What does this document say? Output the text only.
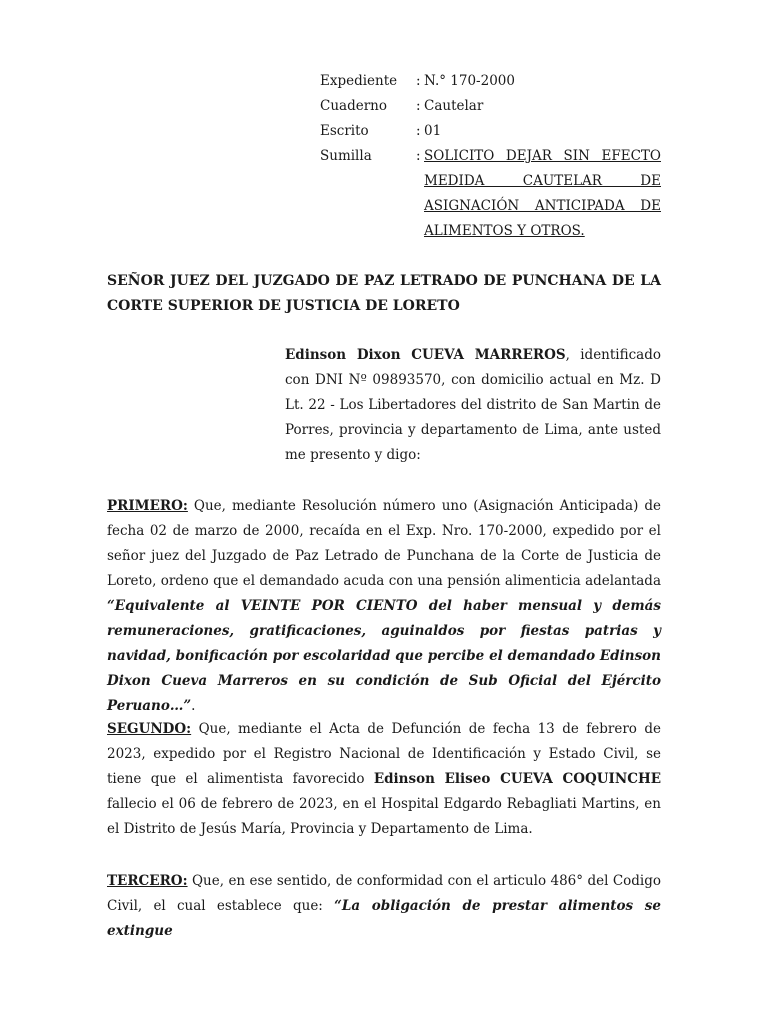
Expediente	: N.° 170-2000
Cuaderno	: Cautelar
Escrito	: 01
Sumilla	: SOLICITO DEJAR SIN EFECTO
MEDIDA CAUTELAR DE
ASIGNACIÓN ANTICIPADA DE
ALIMENTOS Y OTROS.
SEÑOR JUEZ DEL JUZGADO DE PAZ LETRADO DE PUNCHANA DE LA CORTE SUPERIOR DE JUSTICIA DE LORETO
Edinson Dixon CUEVA MARREROS, identificado con DNI Nº 09893570, con domicilio actual en Mz. D Lt. 22 - Los Libertadores del distrito de San Martin de Porres, provincia y departamento de Lima, ante usted me presento y digo:
PRIMERO: Que, mediante Resolución número uno (Asignación Anticipada) de fecha 02 de marzo de 2000, recaída en el Exp. Nro. 170-2000, expedido por el señor juez del Juzgado de Paz Letrado de Punchana de la Corte de Justicia de Loreto, ordeno que el demandado acuda con una pensión alimenticia adelantada “Equivalente al VEINTE POR CIENTO del haber mensual y demás remuneraciones, gratificaciones, aguinaldos por fiestas patrias y navidad, bonificación por escolaridad que percibe el demandado Edinson Dixon Cueva Marreros en su condición de Sub Oficial del Ejército Peruano…”.
SEGUNDO: Que, mediante el Acta de Defunción de fecha 13 de febrero de 2023, expedido por el Registro Nacional de Identificación y Estado Civil, se tiene que el alimentista favorecido Edinson Eliseo CUEVA COQUINCHE fallecio el 06 de febrero de 2023, en el Hospital Edgardo Rebagliati Martins, en el Distrito de Jesús María, Provincia y Departamento de Lima.
TERCERO: Que, en ese sentido, de conformidad con el articulo 486° del Codigo Civil, el cual establece que: “La obligación de prestar alimentos se extingue
